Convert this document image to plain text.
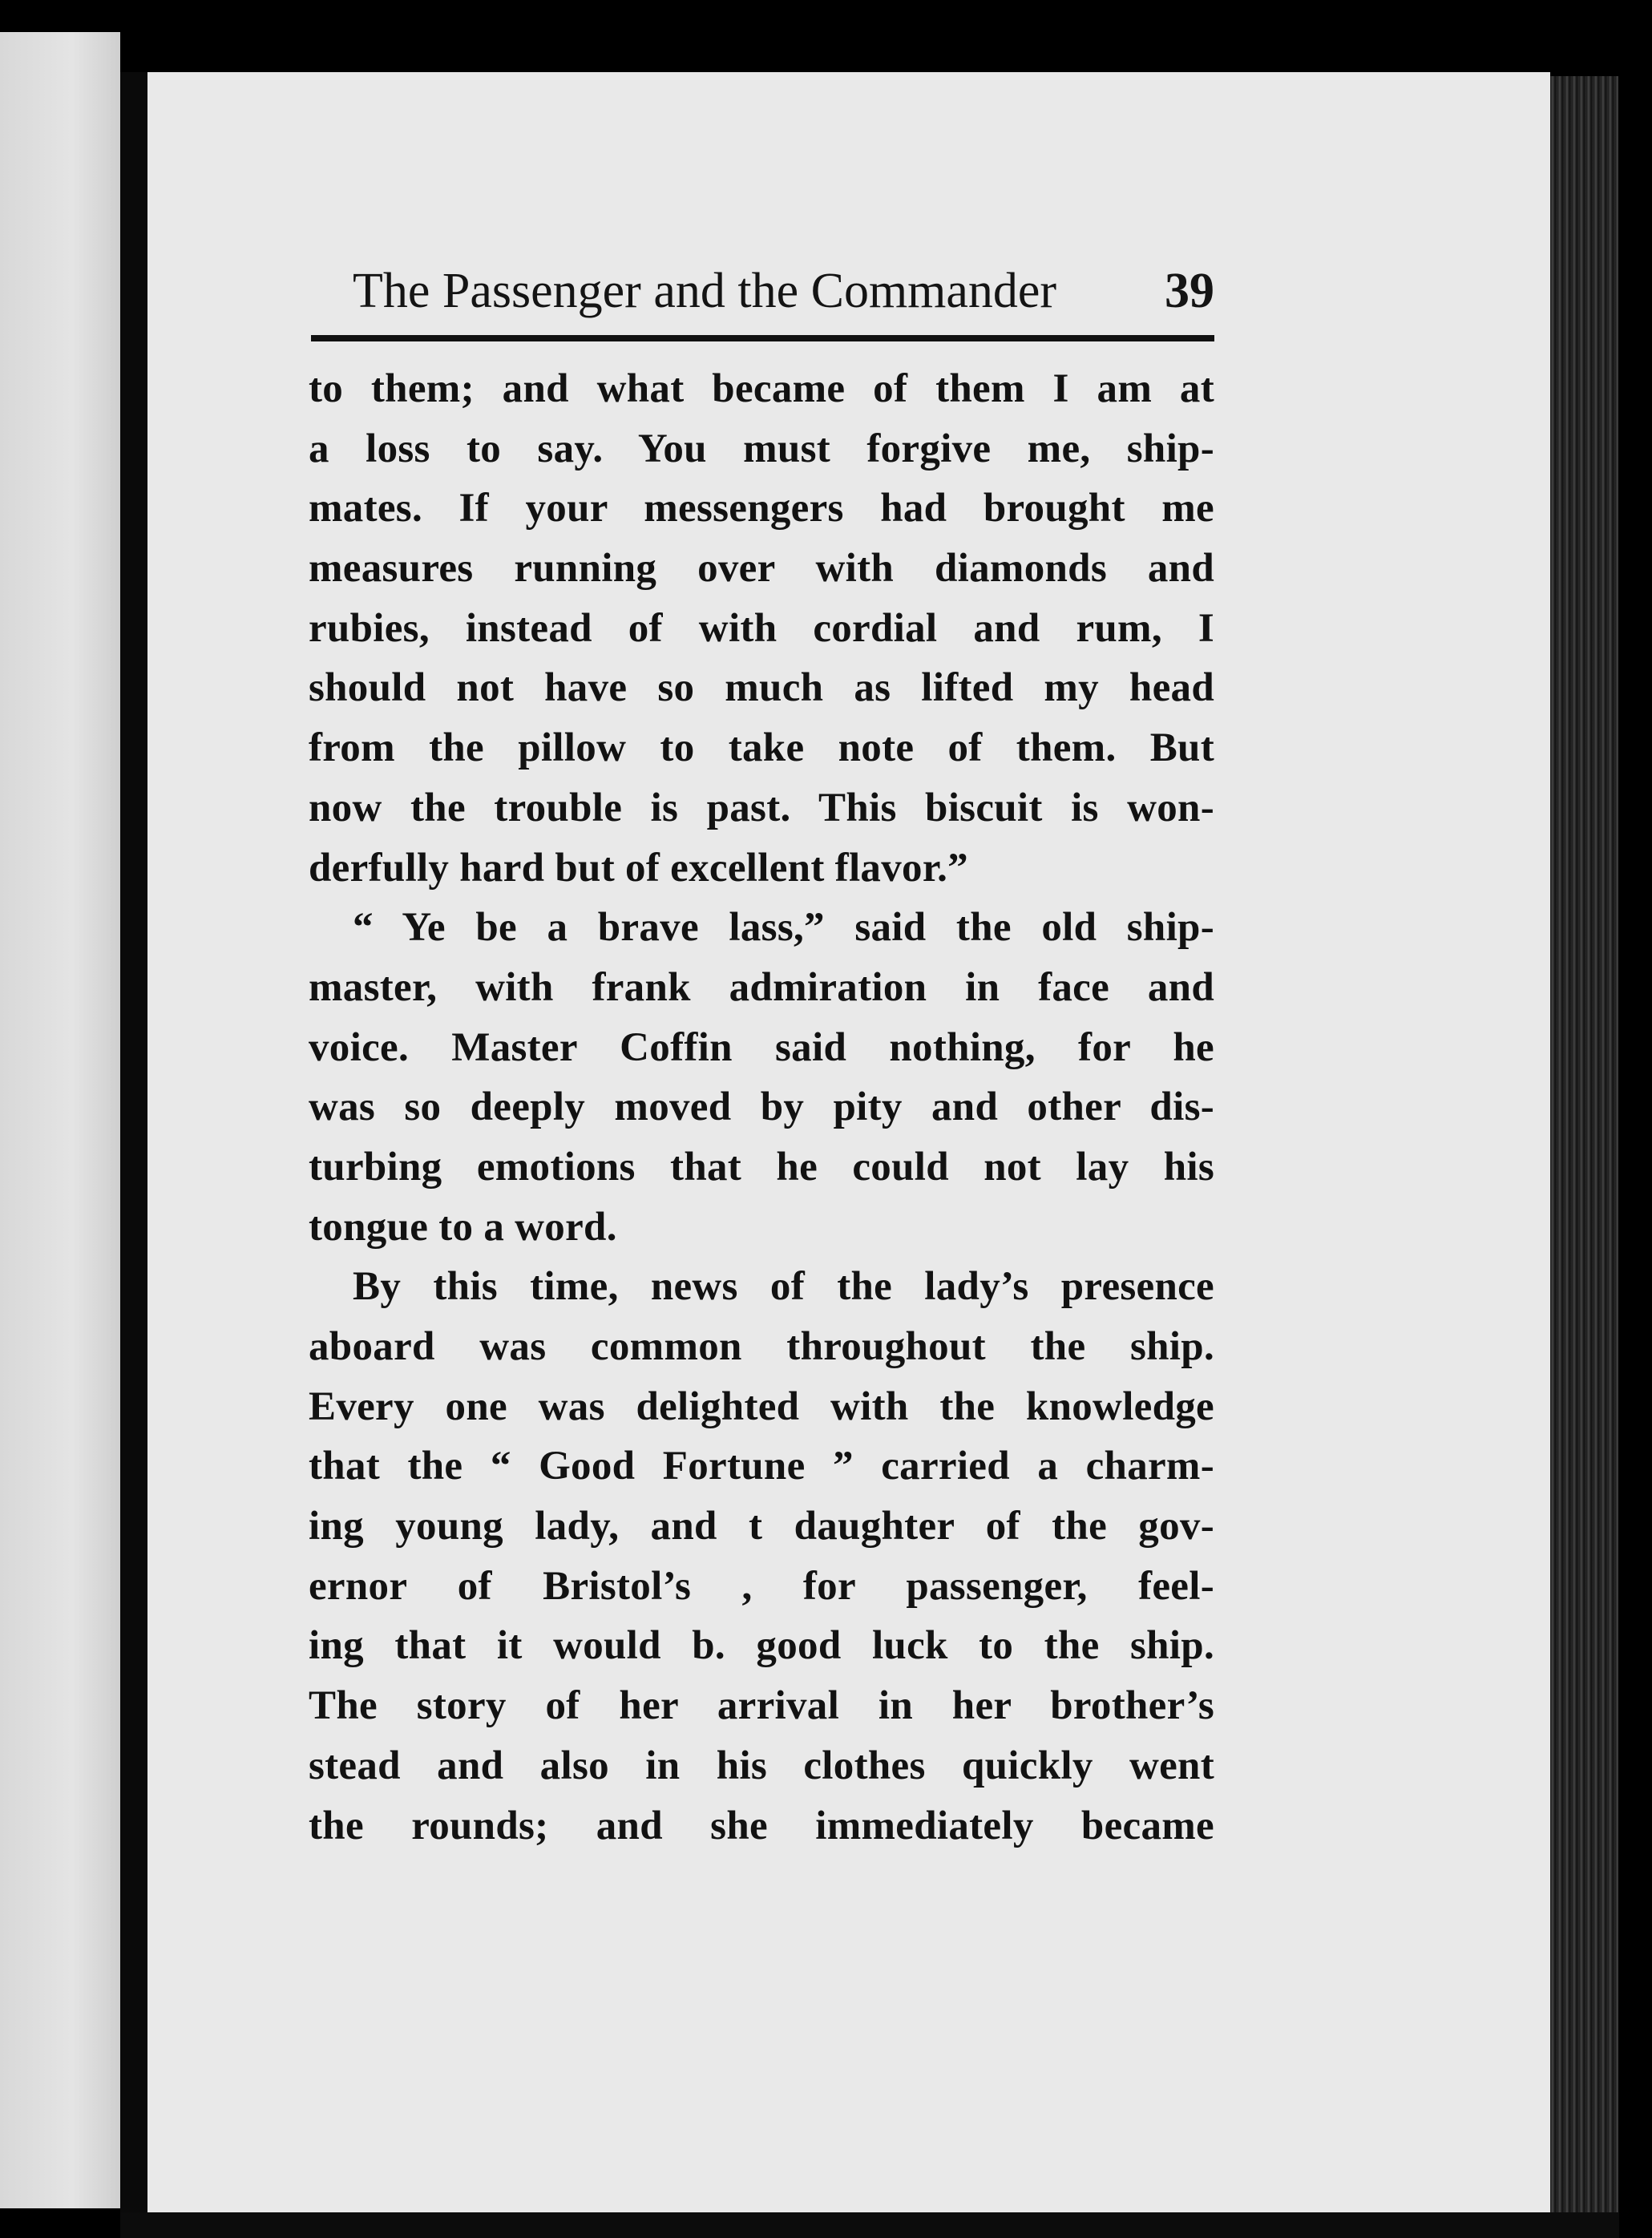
The Passenger and the Commander 39
to them; and what became of them I am at
a loss to say. You must forgive me, ship-
mates. If your messengers had brought me
measures running over with diamonds and
rubies, instead of with cordial and rum, I
should not have so much as lifted my head
from the pillow to take note of them. But
now the trouble is past. This biscuit is won-
derfully hard but of excellent flavor.”
“ Ye be a brave lass,” said the old ship-
master, with frank admiration in face and
voice. Master Coffin said nothing, for he
was so deeply moved by pity and other dis-
turbing emotions that he could not lay his
tongue to a word.
By this time, news of the lady’s presence
aboard was common throughout the ship.
Every one was delighted with the knowledge
that the “ Good Fortune ” carried a charm-
ing young lady, and t daughter of the gov-
ernor of Bristol’s , for passenger, feel-
ing that it would b. good luck to the ship.
The story of her arrival in her brother’s
stead and also in his clothes quickly went
the rounds; and she immediately became
